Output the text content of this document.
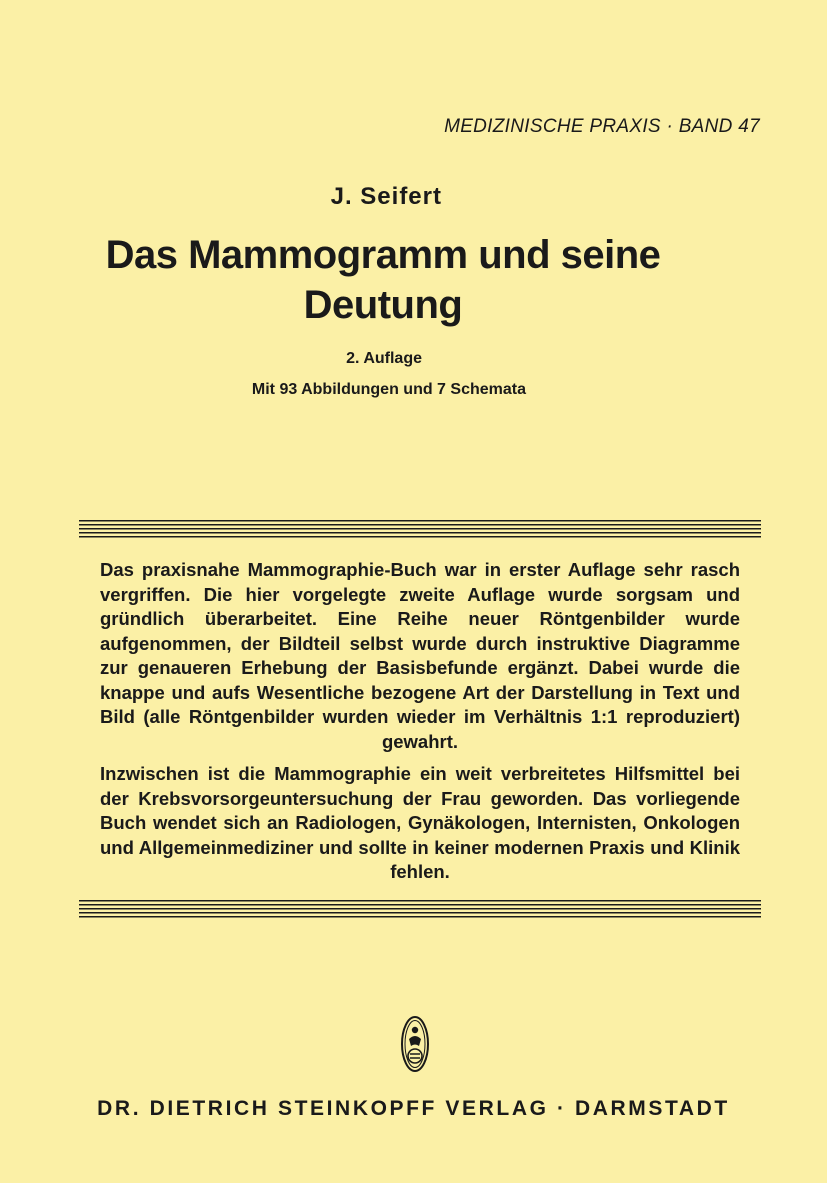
MEDIZINISCHE PRAXIS · BAND 47
J. Seifert
Das Mammogramm und seine Deutung
2. Auflage
Mit 93 Abbildungen und 7 Schemata

Das praxisnahe Mammographie-Buch war in erster Auflage sehr rasch vergriffen. Die hier vorgelegte zweite Auflage wurde sorgsam und gründlich überarbeitet. Eine Reihe neuer Röntgenbilder wurde aufgenommen, der Bildteil selbst wurde durch instruktive Diagramme zur genaueren Erhebung der Basisbefunde ergänzt. Dabei wurde die knappe und aufs Wesentliche bezogene Art der Darstellung in Text und Bild (alle Röntgenbilder wurden wieder im Verhältnis 1:1 reproduziert) gewahrt.

Inzwischen ist die Mammographie ein weit verbreitetes Hilfsmittel bei der Krebsvorsorgeuntersuchung der Frau geworden. Das vorliegende Buch wendet sich an Radiologen, Gynäkologen, Internisten, Onkologen und Allgemeinmediziner und sollte in keiner modernen Praxis und Klinik fehlen.

DR. DIETRICH STEINKOPFF VERLAG · DARMSTADT
